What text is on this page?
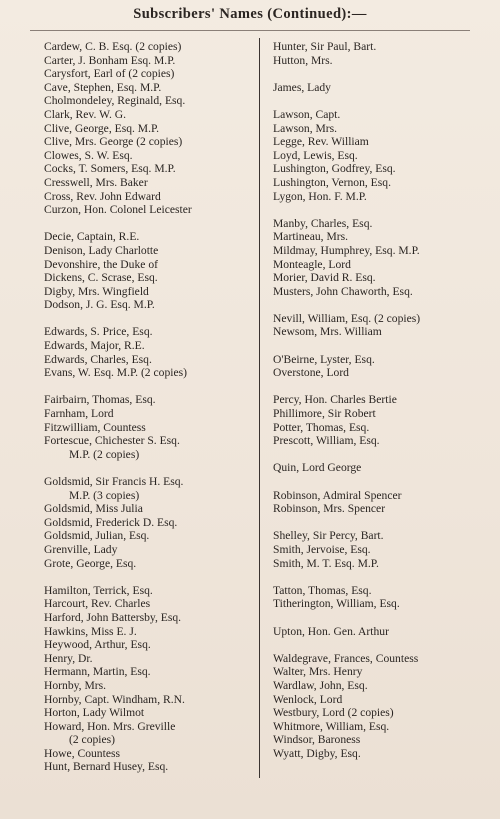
Subscribers' Names (Continued):—
Cardew, C. B. Esq. (2 copies)
Carter, J. Bonham Esq. M.P.
Carysfort, Earl of (2 copies)
Cave, Stephen, Esq. M.P.
Cholmondeley, Reginald, Esq.
Clark, Rev. W. G.
Clive, George, Esq. M.P.
Clive, Mrs. George (2 copies)
Clowes, S. W. Esq.
Cocks, T. Somers, Esq. M.P.
Cresswell, Mrs. Baker
Cross, Rev. John Edward
Curzon, Hon. Colonel Leicester
Decie, Captain, R.E.
Denison, Lady Charlotte
Devonshire, the Duke of
Dickens, C. Scrase, Esq.
Digby, Mrs. Wingfield
Dodson, J. G. Esq. M.P.
Edwards, S. Price, Esq.
Edwards, Major, R.E.
Edwards, Charles, Esq.
Evans, W. Esq. M.P. (2 copies)
Fairbairn, Thomas, Esq.
Farnham, Lord
Fitzwilliam, Countess
Fortescue, Chichester S. Esq.
M.P. (2 copies)
Goldsmid, Sir Francis H. Esq.
M.P. (3 copies)
Goldsmid, Miss Julia
Goldsmid, Frederick D. Esq.
Goldsmid, Julian, Esq.
Grenville, Lady
Grote, George, Esq.
Hamilton, Terrick, Esq.
Harcourt, Rev. Charles
Harford, John Battersby, Esq.
Hawkins, Miss E. J.
Heywood, Arthur, Esq.
Henry, Dr.
Hermann, Martin, Esq.
Hornby, Mrs.
Hornby, Capt. Windham, R.N.
Horton, Lady Wilmot
Howard, Hon. Mrs. Greville
(2 copies)
Howe, Countess
Hunt, Bernard Husey, Esq.
Hunter, Sir Paul, Bart.
Hutton, Mrs.
James, Lady
Lawson, Capt.
Lawson, Mrs.
Legge, Rev. William
Loyd, Lewis, Esq.
Lushington, Godfrey, Esq.
Lushington, Vernon, Esq.
Lygon, Hon. F. M.P.
Manby, Charles, Esq.
Martineau, Mrs.
Mildmay, Humphrey, Esq. M.P.
Monteagle, Lord
Morier, David R. Esq.
Musters, John Chaworth, Esq.
Nevill, William, Esq. (2 copies)
Newsom, Mrs. William
O'Beirne, Lyster, Esq.
Overstone, Lord
Percy, Hon. Charles Bertie
Phillimore, Sir Robert
Potter, Thomas, Esq.
Prescott, William, Esq.
Quin, Lord George
Robinson, Admiral Spencer
Robinson, Mrs. Spencer
Shelley, Sir Percy, Bart.
Smith, Jervoise, Esq.
Smith, M. T. Esq. M.P.
Tatton, Thomas, Esq.
Titherington, William, Esq.
Upton, Hon. Gen. Arthur
Waldegrave, Frances, Countess
Walter, Mrs. Henry
Wardlaw, John, Esq.
Wenlock, Lord
Westbury, Lord (2 copies)
Whitmore, William, Esq.
Windsor, Baroness
Wyatt, Digby, Esq.
